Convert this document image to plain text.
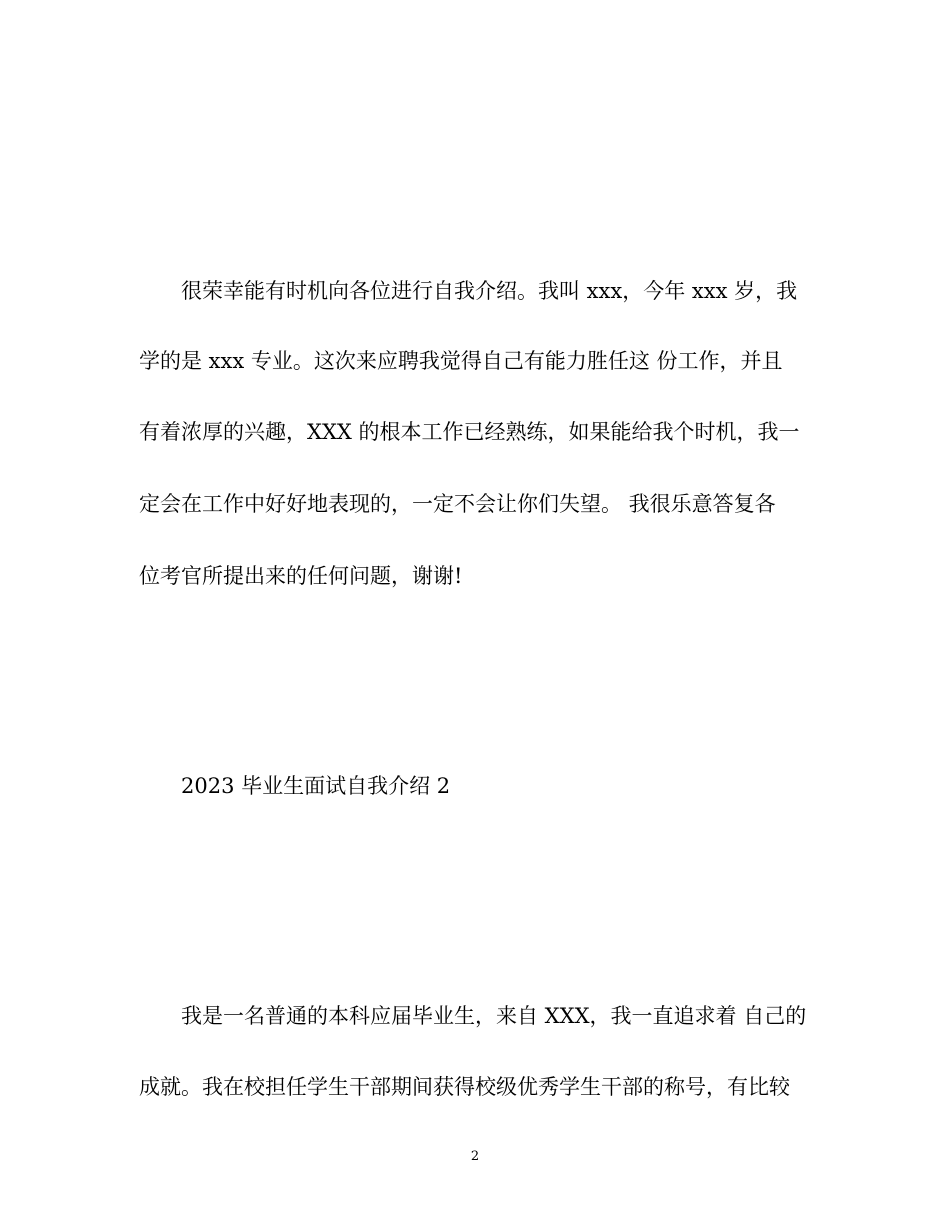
很荣幸能有时机向各位进行自我介绍。我叫 xxx，今年 xxx 岁，我
学的是 xxx 专业。这次来应聘我觉得自己有能力胜任这 份工作，并且
有着浓厚的兴趣，XXX 的根本工作已经熟练，如果能给我个时机，我一
定会在工作中好好地表现的，一定不会让你们失望。 我很乐意答复各
位考官所提出来的任何问题，谢谢!
2023 毕业生面试自我介绍 2
我是一名普通的本科应届毕业生，来自 XXX，我一直追求着 自己的
成就。我在校担任学生干部期间获得校级优秀学生干部的称号，有比较
2
